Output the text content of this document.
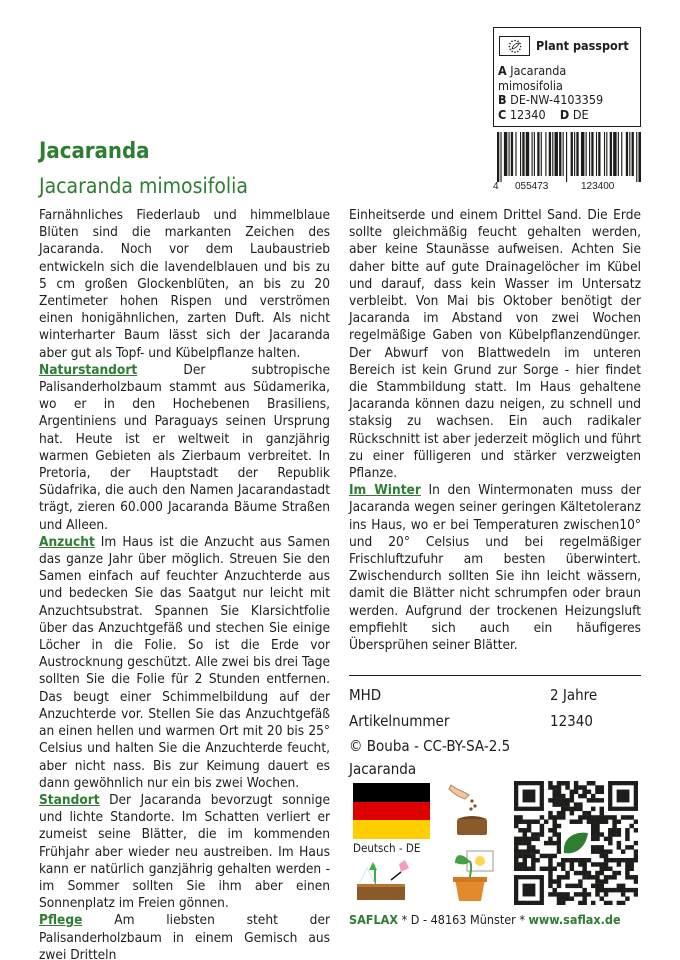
Plant passport
A Jacaranda
mimosifolia
B DE-NW-4103359
C 12340 D DE
4	055473	123400
Jacaranda
Jacaranda mimosifolia

Farnähnliches Fiederlaub und himmelblaue Blüten sind die markanten Zeichen des Jacaranda. Noch vor dem Laubaustrieb entwickeln sich die lavendelblauen und bis zu 5 cm großen Glockenblüten, an bis zu 20 Zentimeter hohen Rispen und verströmen einen honigähnlichen, zarten Duft. Als nicht winterharter Baum lässt sich der Jacaranda aber gut als Topf- und Kübelpflanze halten.

Naturstandort Der subtropische Palisanderholzbaum stammt aus Südamerika, wo er in den Hochebenen Brasiliens, Argentiniens und Paraguays seinen Ursprung hat. Heute ist er weltweit in ganzjährig warmen Gebieten als Zierbaum verbreitet. In Pretoria, der Hauptstadt der Republik Südafrika, die auch den Namen Jacarandastadt trägt, zieren 60.000 Jacaranda Bäume Straßen und Alleen.

Anzucht Im Haus ist die Anzucht aus Samen das ganze Jahr über möglich. Streuen Sie den Samen einfach auf feuchter Anzuchterde aus und bedecken Sie das Saatgut nur leicht mit Anzuchtsubstrat. Spannen Sie Klarsichtfolie über das Anzuchtgefäß und stechen Sie einige Löcher in die Folie. So ist die Erde vor Austrocknung geschützt. Alle zwei bis drei Tage sollten Sie die Folie für 2 Stunden entfernen. Das beugt einer Schimmelbildung auf der Anzuchterde vor. Stellen Sie das Anzuchtgefäß an einen hellen und warmen Ort mit 20 bis 25° Celsius und halten Sie die Anzuchterde feucht, aber nicht nass. Bis zur Keimung dauert es dann gewöhnlich nur ein bis zwei Wochen.

Standort Der Jacaranda bevorzugt sonnige und lichte Standorte. Im Schatten verliert er zumeist seine Blätter, die im kommenden Frühjahr aber wieder neu austreiben. Im Haus kann er natürlich ganzjährig gehalten werden - im Sommer sollten Sie ihm aber einen Sonnenplatz im Freien gönnen.

Pflege Am liebsten steht der Palisanderholzbaum in einem Gemisch aus zwei Dritteln

Einheitserde und einem Drittel Sand. Die Erde sollte gleichmäßig feucht gehalten werden, aber keine Staunässe aufweisen. Achten Sie daher bitte auf gute Drainagelöcher im Kübel und darauf, dass kein Wasser im Untersatz verbleibt. Von Mai bis Oktober benötigt der Jacaranda im Abstand von zwei Wochen regelmäßige Gaben von Kübelpflanzendünger. Der Abwurf von Blattwedeln im unteren Bereich ist kein Grund zur Sorge - hier findet die Stammbildung statt. Im Haus gehaltene Jacaranda können dazu neigen, zu schnell und staksig zu wachsen. Ein auch radikaler Rückschnitt ist aber jederzeit möglich und führt zu einer fülligeren und stärker verzweigten Pflanze.

Im Winter In den Wintermonaten muss der Jacaranda wegen seiner geringen Kältetoleranz ins Haus, wo er bei Temperaturen zwischen10° und 20° Celsius und bei regelmäßiger Frischluftzufuhr am besten überwintert. Zwischendurch sollten Sie ihn leicht wässern, damit die Blätter nicht schrumpfen oder braun werden. Aufgrund der trockenen Heizungsluft empfiehlt sich auch ein häufigeres Übersprühen seiner Blätter.

MHD	2 Jahre
Artikelnummer	12340
© Bouba - CC-BY-SA-2.5
Jacaranda
Deutsch - DE
SAFLAX * D - 48163 Münster * www.saflax.de
